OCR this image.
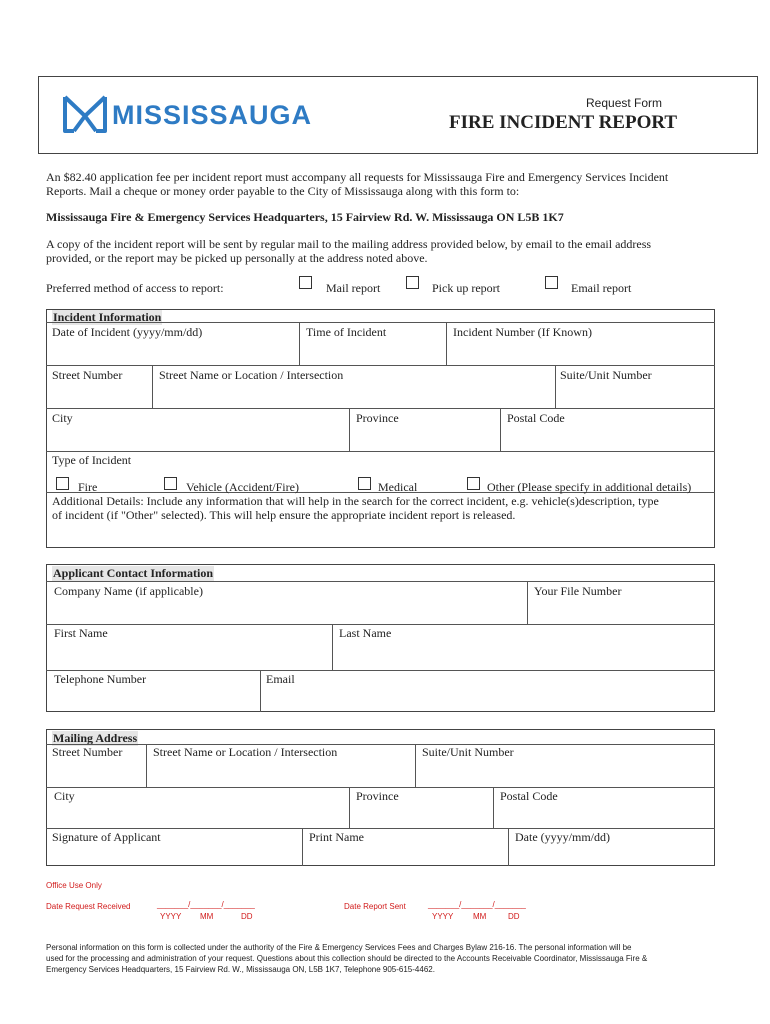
MISSISSAUGA	Request Form
FIRE INCIDENT REPORT
An $82.40 application fee per incident report must accompany all requests for Mississauga Fire and Emergency Services Incident
Reports. Mail a cheque or money order payable to the City of Mississauga along with this form to:
Mississauga Fire & Emergency Services Headquarters, 15 Fairview Rd. W. Mississauga ON L5B 1K7
A copy of the incident report will be sent by regular mail to the mailing address provided below, by email to the email address
provided, or the report may be picked up personally at the address noted above.
Preferred method of access to report:	Mail report	Pick up report	Email report
Incident Information
Date of Incident (yyyy/mm/dd)	Time of Incident	Incident Number (If Known)
Street Number	Street Name or Location / Intersection	Suite/Unit Number
City	Province	Postal Code
Type of Incident
Fire	Vehicle (Accident/Fire)	Medical	Other (Please specify in additional details)
Additional Details: Include any information that will help in the search for the correct incident, e.g. vehicle(s)description, type
of incident (if "Other" selected). This will help ensure the appropriate incident report is released.
Applicant Contact Information
Company Name (if applicable)	Your File Number
First Name	Last Name
Telephone Number	Email
Mailing Address
Street Number	Street Name or Location / Intersection	Suite/Unit Number
City	Province	Postal Code
Signature of Applicant	Print Name	Date (yyyy/mm/dd)
Office Use Only
Date Request Received	_______/_______/_______
YYYY MM	DD
Date Report Sent	_______/_______/_______
YYYY MM	DD
Personal information on this form is collected under the authority of the Fire & Emergency Services Fees and Charges Bylaw 216-16. The personal information will be
used for the processing and administration of your request. Questions about this collection should be directed to the Accounts Receivable Coordinator, Mississauga Fire &
Emergency Services Headquarters, 15 Fairview Rd. W., Mississauga ON, L5B 1K7, Telephone 905-615-4462.
